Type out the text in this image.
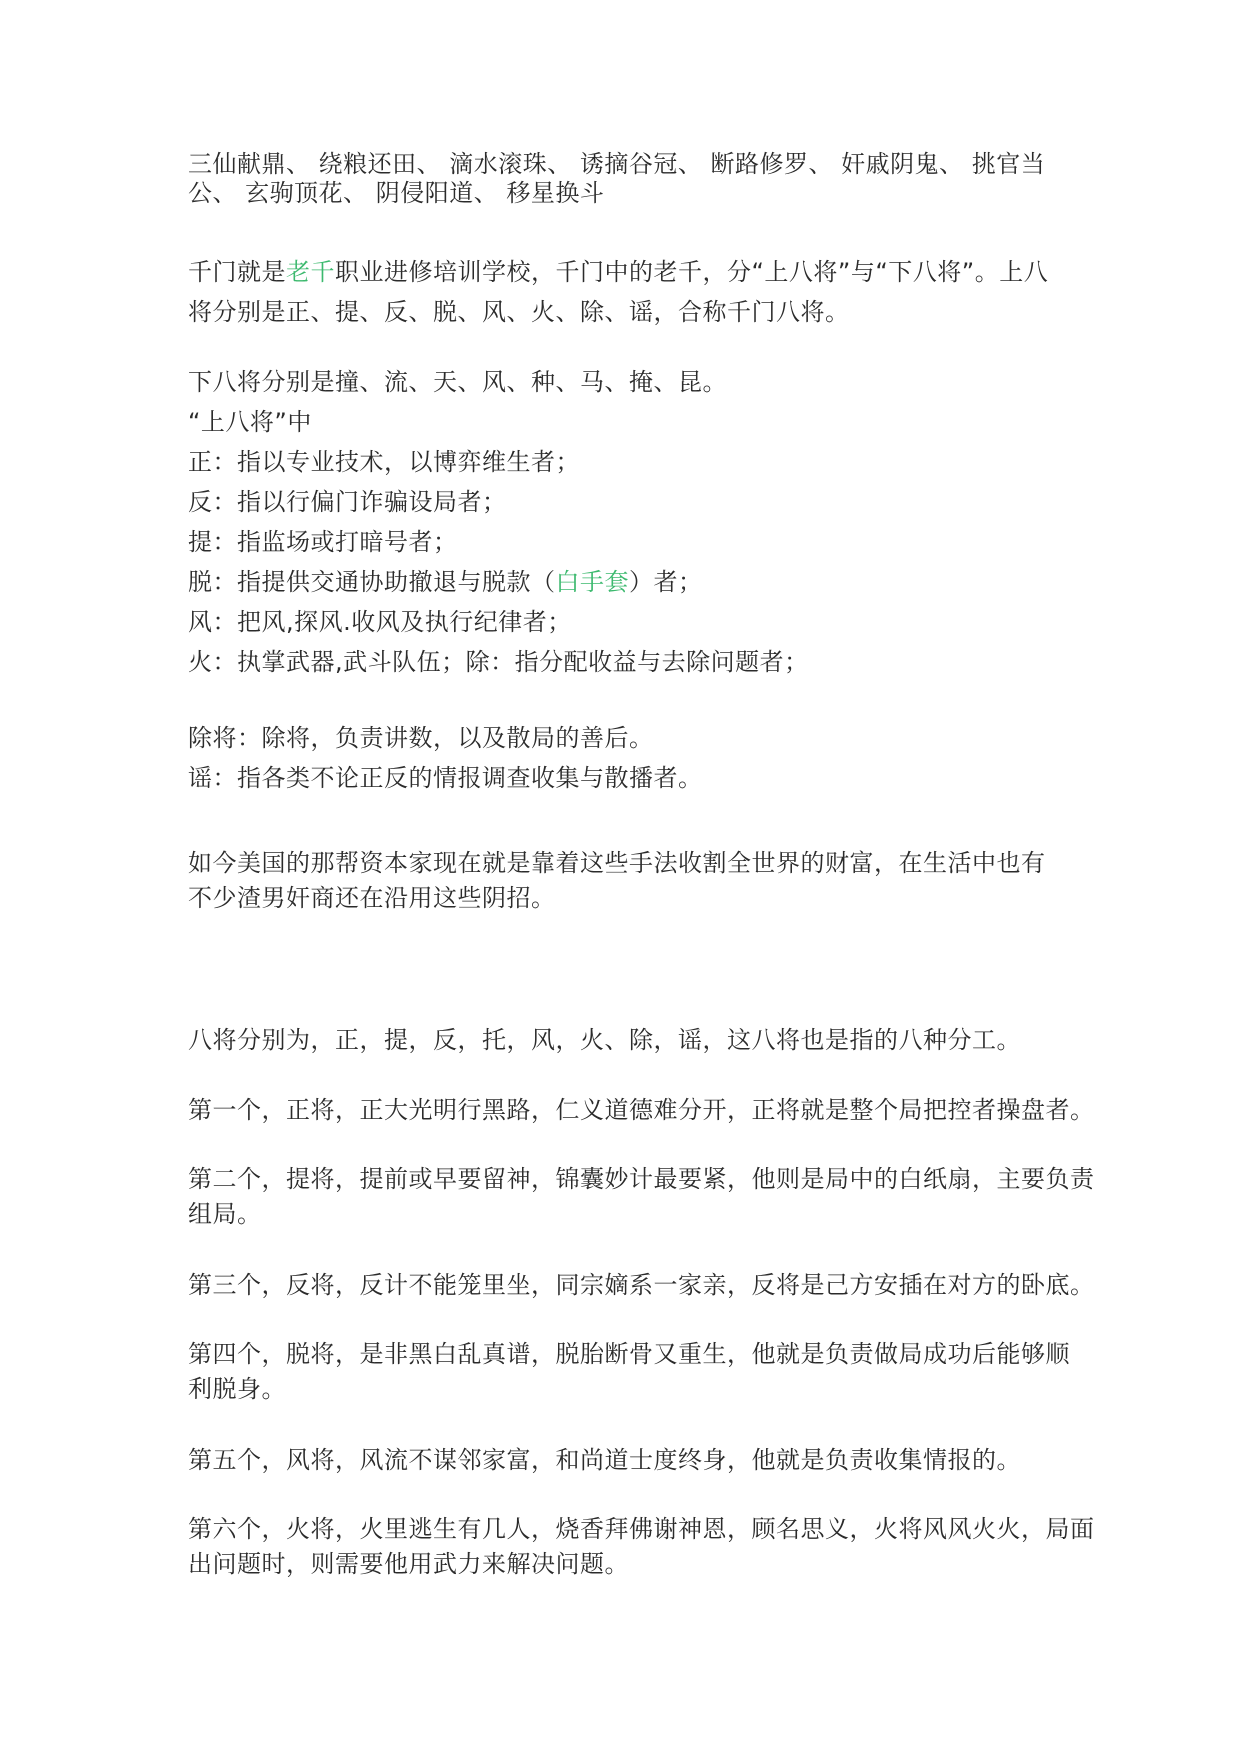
三仙献鼎、 绕粮还田、 滴水滚珠、 诱摘谷冠、 断路修罗、 奸戚阴鬼、 挑官当
公、 玄驹顶花、 阴侵阳道、 移星换斗
千门就是老千职业进修培训学校，千门中的老千，分“上八将”与“下八将”。上八
将分别是正、提、反、脱、风、火、除、谣，合称千门八将。
下八将分别是撞、流、天、风、种、马、掩、昆。
“上八将”中
正：指以专业技术，以博弈维生者；
反：指以行偏门诈骗设局者；
提：指监场或打暗号者；
脱：指提供交通协助撤退与脱款（白手套）者；
风：把风,探风.收风及执行纪律者；
火：执掌武器,武斗队伍；除：指分配收益与去除问题者；
除将：除将，负责讲数，以及散局的善后。
谣：指各类不论正反的情报调查收集与散播者。
如今美国的那帮资本家现在就是靠着这些手法收割全世界的财富，在生活中也有
不少渣男奸商还在沿用这些阴招。
八将分别为，正，提，反，托，风，火、除，谣，这八将也是指的八种分工。
第一个，正将，正大光明行黑路，仁义道德难分开，正将就是整个局把控者操盘者。
第二个，提将，提前或早要留神，锦囊妙计最要紧，他则是局中的白纸扇，主要负责
组局。
第三个，反将，反计不能笼里坐，同宗嫡系一家亲，反将是己方安插在对方的卧底。
第四个，脱将，是非黑白乱真谱，脱胎断骨又重生，他就是负责做局成功后能够顺
利脱身。
第五个，风将，风流不谋邻家富，和尚道士度终身，他就是负责收集情报的。
第六个，火将，火里逃生有几人，烧香拜佛谢神恩，顾名思义，火将风风火火，局面
出问题时，则需要他用武力来解决问题。
